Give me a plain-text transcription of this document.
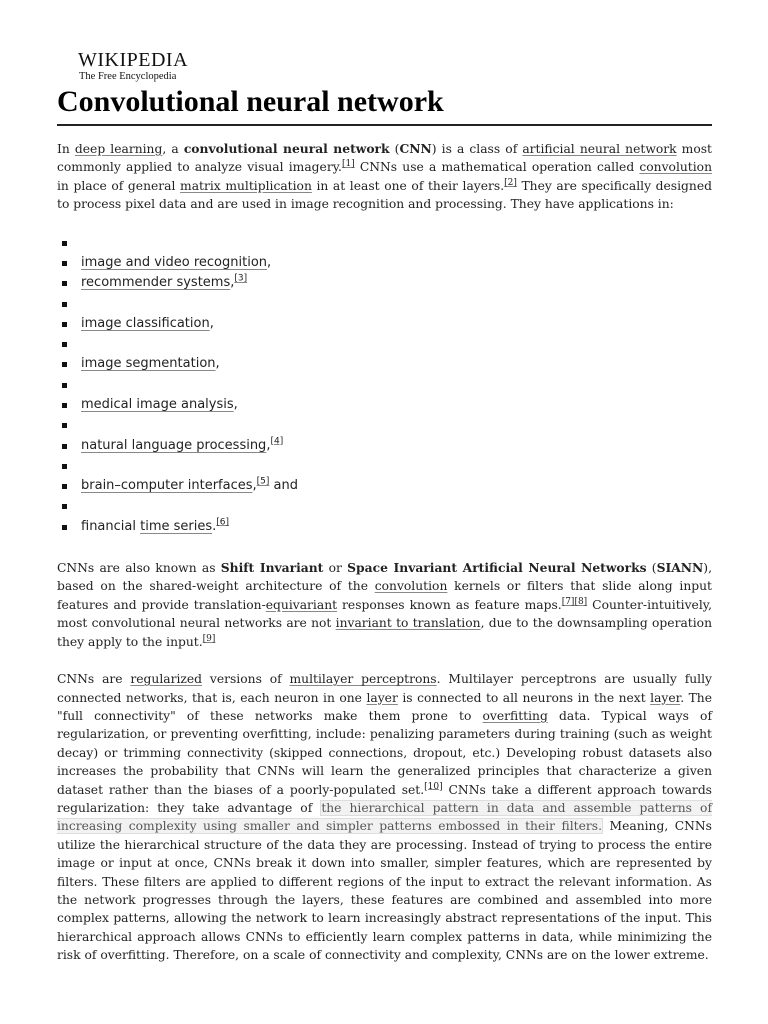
WIKIPEDIA
The Free Encyclopedia
Convolutional neural network

In deep learning, a convolutional neural network (CNN) is a class of artificial neural network most commonly applied to analyze visual imagery.[1] CNNs use a mathematical operation called convolution in place of general matrix multiplication in at least one of their layers.[2] They are specifically designed to process pixel data and are used in image recognition and processing. They have applications in:

image and video recognition,
recommender systems,[3]
image classification,
image segmentation,
medical image analysis,
natural language processing,[4]
brain–computer interfaces,[5] and
financial time series.[6]

CNNs are also known as Shift Invariant or Space Invariant Artificial Neural Networks (SIANN), based on the shared-weight architecture of the convolution kernels or filters that slide along input features and provide translation-equivariant responses known as feature maps.[7][8] Counter-intuitively, most convolutional neural networks are not invariant to translation, due to the downsampling operation they apply to the input.[9]

CNNs are regularized versions of multilayer perceptrons. Multilayer perceptrons are usually fully connected networks, that is, each neuron in one layer is connected to all neurons in the next layer. The "full connectivity" of these networks make them prone to overfitting data. Typical ways of regularization, or preventing overfitting, include: penalizing parameters during training (such as weight decay) or trimming connectivity (skipped connections, dropout, etc.) Developing robust datasets also increases the probability that CNNs will learn the generalized principles that characterize a given dataset rather than the biases of a poorly-populated set.[10] CNNs take a different approach towards regularization: they take advantage of the hierarchical pattern in data and assemble patterns of increasing complexity using smaller and simpler patterns embossed in their filters. Meaning, CNNs utilize the hierarchical structure of the data they are processing. Instead of trying to process the entire image or input at once, CNNs break it down into smaller, simpler features, which are represented by filters. These filters are applied to different regions of the input to extract the relevant information. As the network progresses through the layers, these features are combined and assembled into more complex patterns, allowing the network to learn increasingly abstract representations of the input. This hierarchical approach allows CNNs to efficiently learn complex patterns in data, while minimizing the risk of overfitting. Therefore, on a scale of connectivity and complexity, CNNs are on the lower extreme.
